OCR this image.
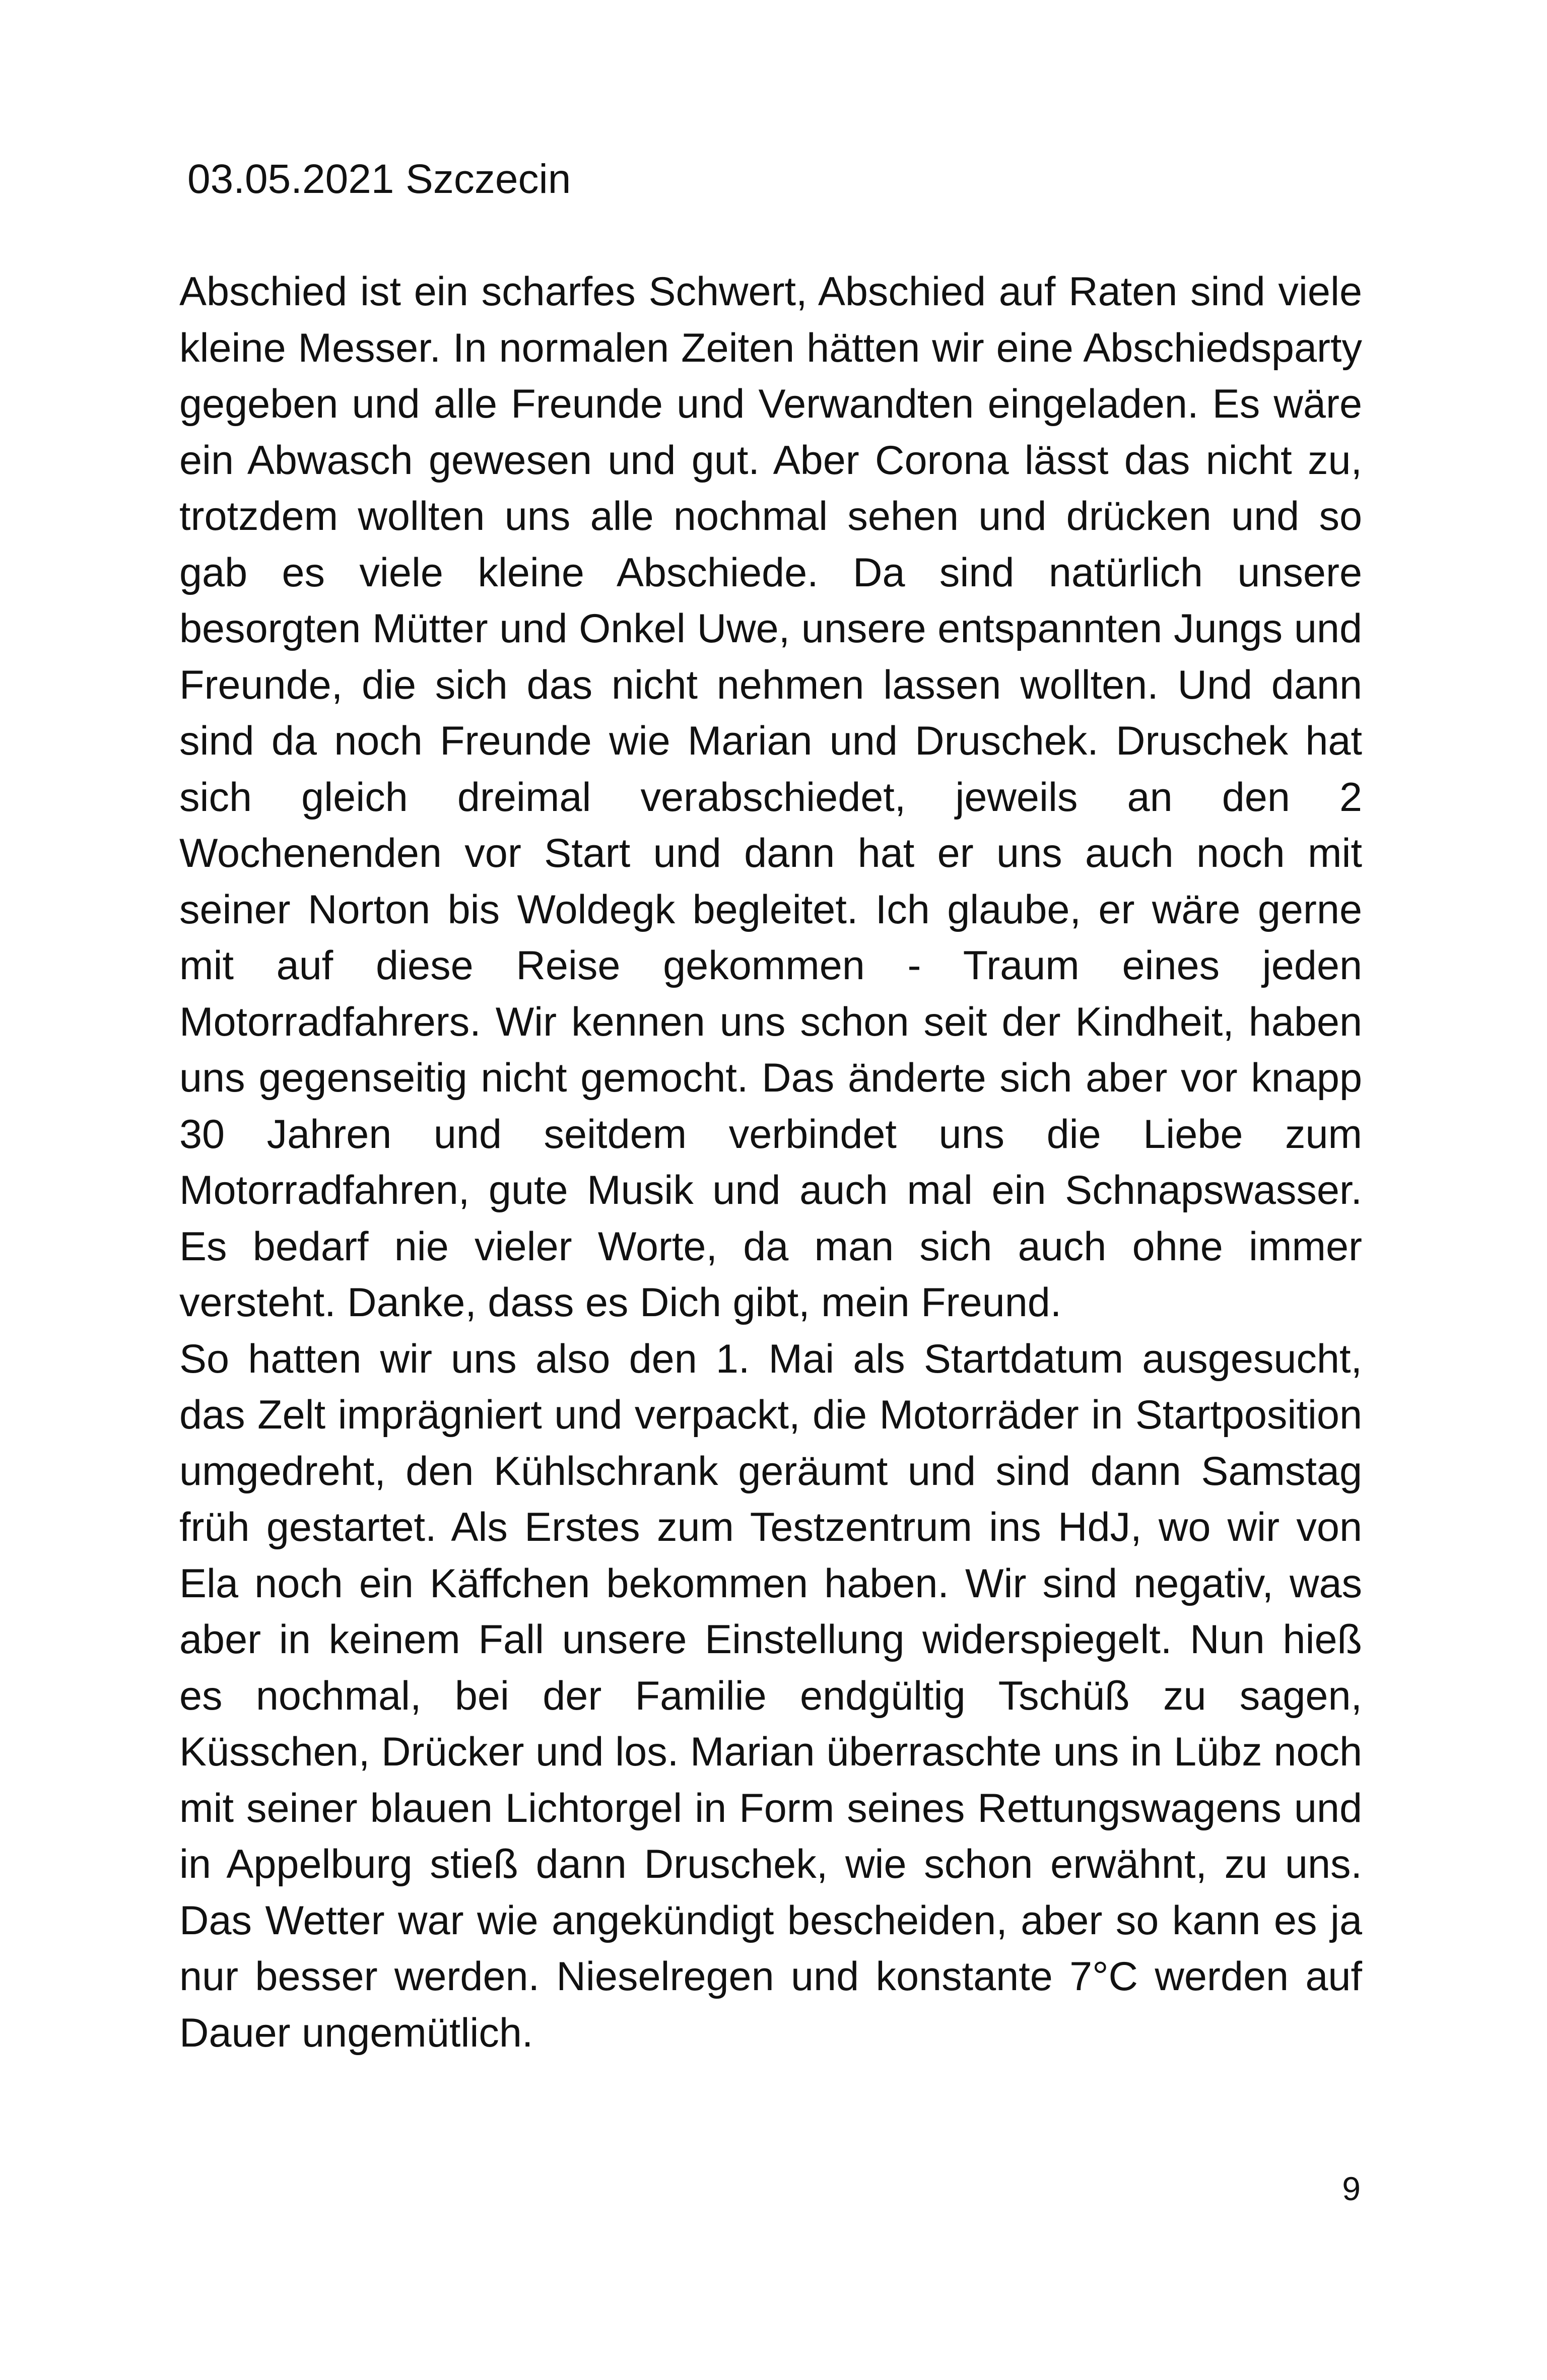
03.05.2021 Szczecin

Abschied ist ein scharfes Schwert, Abschied auf Raten sind viele kleine Messer. In normalen Zeiten hätten wir eine Abschiedsparty gegeben und alle Freunde und Verwandten eingeladen. Es wäre ein Abwasch gewesen und gut. Aber Corona lässt das nicht zu, trotzdem wollten uns alle nochmal sehen und drücken und so gab es viele kleine Abschiede. Da sind natürlich unsere besorgten Mütter und Onkel Uwe, unsere entspannten Jungs und Freunde, die sich das nicht nehmen lassen wollten. Und dann sind da noch Freunde wie Marian und Druschek. Druschek hat sich gleich dreimal verabschiedet, jeweils an den 2 Wochenenden vor Start und dann hat er uns auch noch mit seiner Norton bis Woldegk begleitet. Ich glaube, er wäre gerne mit auf diese Reise gekommen - Traum eines jeden Motorradfahrers. Wir kennen uns schon seit der Kindheit, haben uns gegenseitig nicht gemocht. Das änderte sich aber vor knapp 30 Jahren und seitdem verbindet uns die Liebe zum Motorradfahren, gute Musik und auch mal ein Schnapswasser. Es bedarf nie vieler Worte, da man sich auch ohne immer versteht. Danke, dass es Dich gibt, mein Freund.

So hatten wir uns also den 1. Mai als Startdatum ausgesucht, das Zelt imprägniert und verpackt, die Motorräder in Startposition umgedreht, den Kühlschrank geräumt und sind dann Samstag früh gestartet. Als Erstes zum Testzentrum ins HdJ, wo wir von Ela noch ein Käffchen bekommen haben. Wir sind negativ, was aber in keinem Fall unsere Einstellung widerspiegelt. Nun hieß es nochmal, bei der Familie endgültig Tschüß zu sagen, Küsschen, Drücker und los. Marian überraschte uns in Lübz noch mit seiner blauen Lichtorgel in Form seines Rettungswagens und in Appelburg stieß dann Druschek, wie schon erwähnt, zu uns. Das Wetter war wie angekündigt bescheiden, aber so kann es ja nur besser werden. Nieselregen und konstante 7°C werden auf Dauer ungemütlich.

9
